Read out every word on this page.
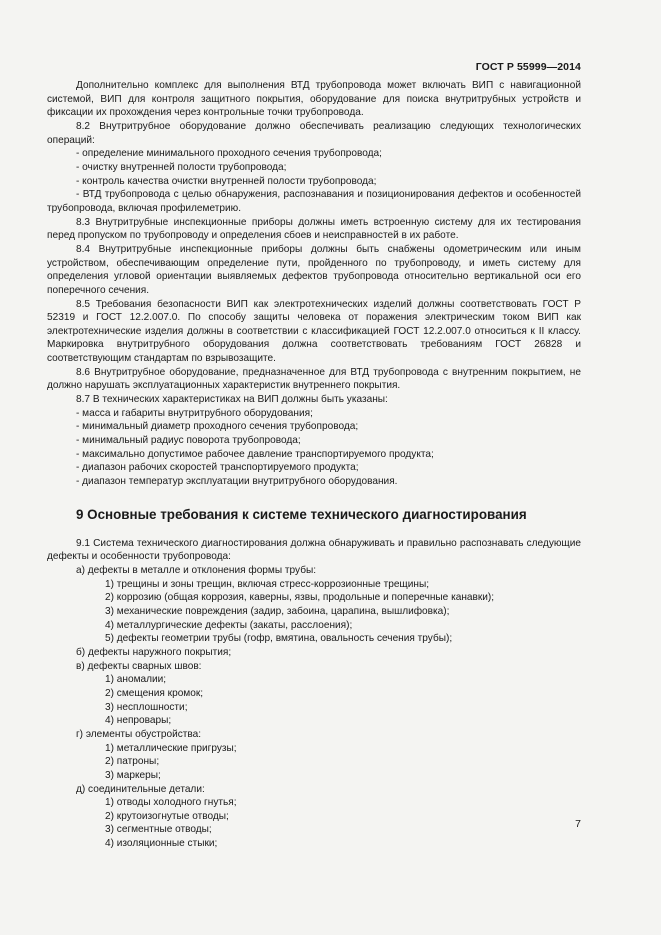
ГОСТ Р 55999—2014

Дополнительно комплекс для выполнения ВТД трубопровода может включать ВИП с навигационной системой, ВИП для контроля защитного покрытия, оборудование для поиска внутритрубных устройств и фиксации их прохождения через контрольные точки трубопровода.

8.2 Внутритрубное оборудование должно обеспечивать реализацию следующих технологических операций:

- определение минимального проходного сечения трубопровода;

- очистку внутренней полости трубопровода;

- контроль качества очистки внутренней полости трубопровода;

- ВТД трубопровода с целью обнаружения, распознавания и позиционирования дефектов и особенностей трубопровода, включая профилеметрию.

8.3 Внутритрубные инспекционные приборы должны иметь встроенную систему для их тестирования перед пропуском по трубопроводу и определения сбоев и неисправностей в их работе.

8.4 Внутритрубные инспекционные приборы должны быть снабжены одометрическим или иным устройством, обеспечивающим определение пути, пройденного по трубопроводу, и иметь систему для определения угловой ориентации выявляемых дефектов трубопровода относительно вертикальной оси его поперечного сечения.

8.5 Требования безопасности ВИП как электротехнических изделий должны соответствовать ГОСТ Р 52319 и ГОСТ 12.2.007.0. По способу защиты человека от поражения электрическим током ВИП как электротехнические изделия должны в соответствии с классификацией ГОСТ 12.2.007.0 относиться к II классу. Маркировка внутритрубного оборудования должна соответствовать требованиям ГОСТ 26828 и соответствующим стандартам по взрывозащите.

8.6 Внутритрубное оборудование, предназначенное для ВТД трубопровода с внутренним покрытием, не должно нарушать эксплуатационных характеристик внутреннего покрытия.

8.7 В технических характеристиках на ВИП должны быть указаны:

- масса и габариты внутритрубного оборудования;

- минимальный диаметр проходного сечения трубопровода;

- минимальный радиус поворота трубопровода;

- максимально допустимое рабочее давление транспортируемого продукта;

- диапазон рабочих скоростей транспортируемого продукта;

- диапазон температур эксплуатации внутритрубного оборудования.

9 Основные требования к системе технического диагностирования

9.1 Система технического диагностирования должна обнаруживать и правильно распознавать следующие дефекты и особенности трубопровода:

а) дефекты в металле и отклонения формы трубы:

1) трещины и зоны трещин, включая стресс-коррозионные трещины;

2) коррозию (общая коррозия, каверны, язвы, продольные и поперечные канавки);

3) механические повреждения (задир, забоина, царапина, вышлифовка);

4) металлургические дефекты (закаты, расслоения);

5) дефекты геометрии трубы (гофр, вмятина, овальность сечения трубы);

б) дефекты наружного покрытия;

в) дефекты сварных швов:

1) аномалии;

2) смещения кромок;

3) несплошности;

4) непровары;

г) элементы обустройства:

1) металлические пригрузы;

2) патроны;

3) маркеры;

д) соединительные детали:

1) отводы холодного гнутья;

2) крутоизогнутые отводы;

3) сегментные отводы;

4) изоляционные стыки;

7
